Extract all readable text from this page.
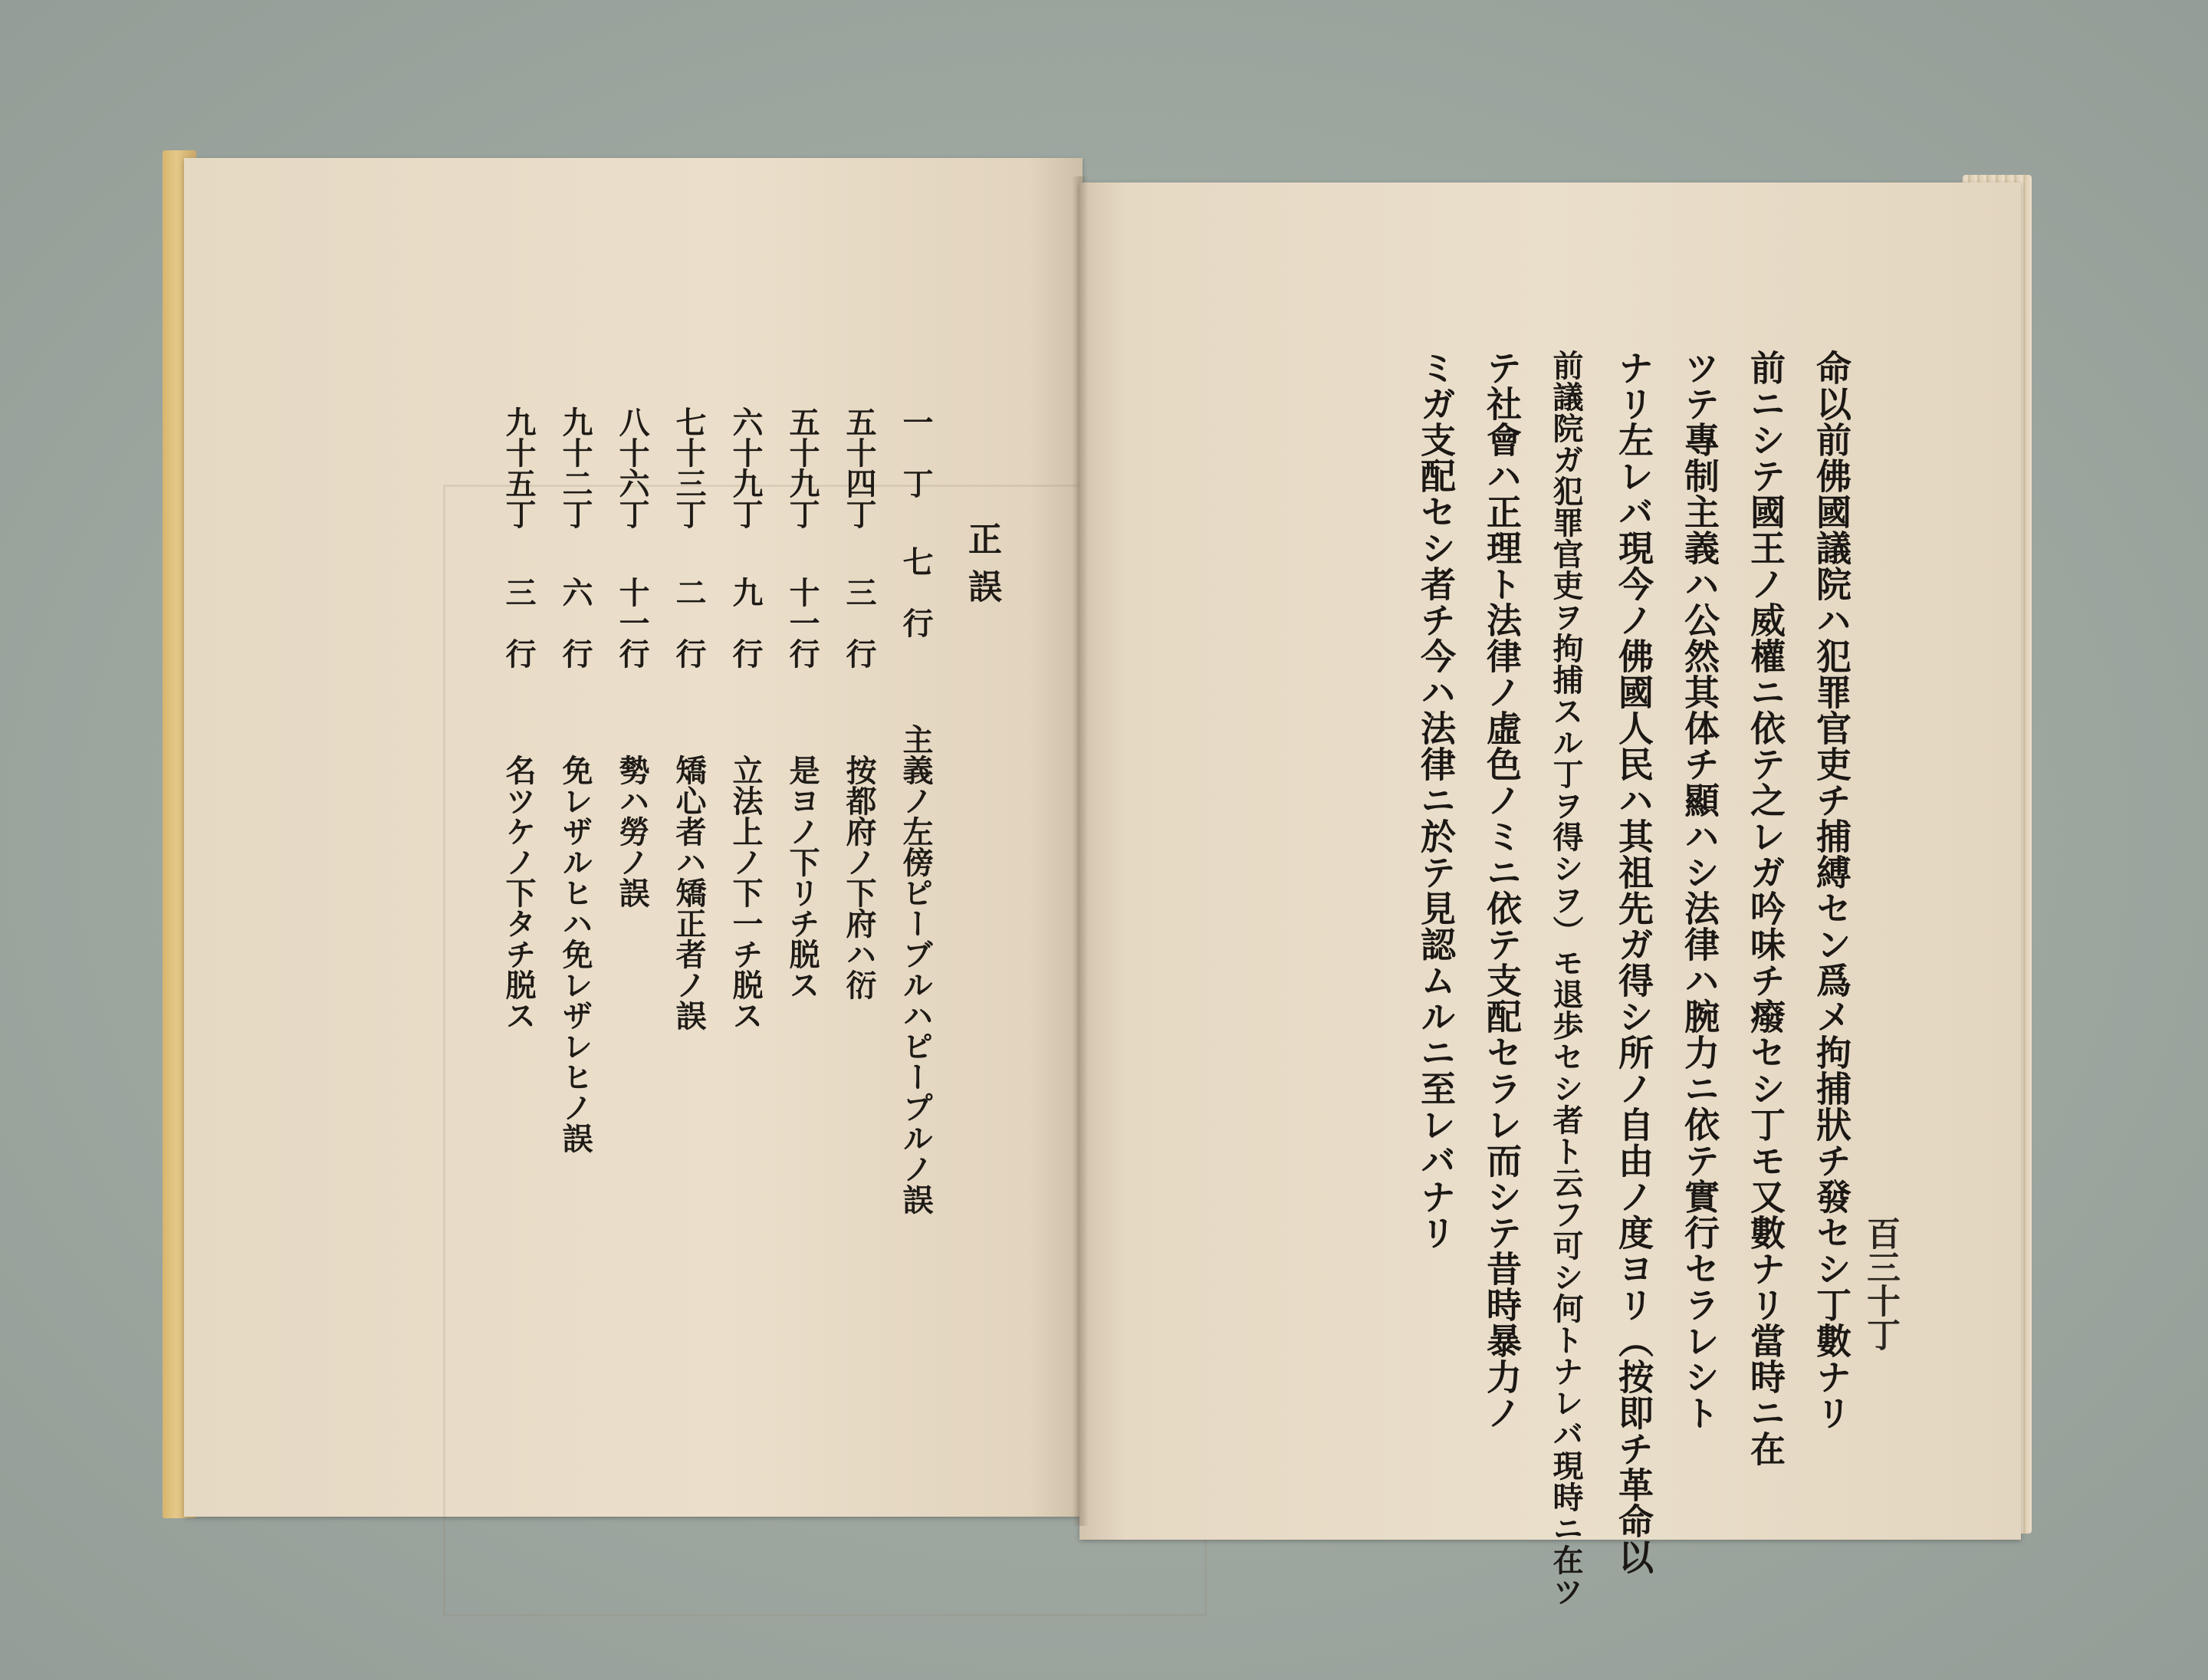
正誤
一　丁七　行主義ノ左傍ピーブルハピープルノ誤
五十四丁三　行按都府ノ下府ハ衍
五十九丁十一行是ヨノ下リチ脱ス
六十九丁九　行立法上ノ下一チ脱ス
七十三丁二　行矯心者ハ矯正者ノ誤
八十六丁十一行勢ハ勞ノ誤
九十二丁六　行免レザルヒハ免レザレヒノ誤
九十五丁三　行名ツケノ下タチ脱ス
　	命以前佛國議院ハ犯罪官吏チ捕縛セン爲メ拘捕狀チ發セシ丁數ナリ
前ニシテ國王ノ威權ニ依テ之レガ吟味チ癈セシ丁モ又數ナリ當時ニ在
ツテ專制主義ハ公然其体チ顯ハシ法律ハ腕力ニ依テ實行セラレシト
ナリ左レバ現今ノ佛國人民ハ其祖先ガ得シ所ノ自由ノ度ヨリ（按即チ革命以
前議院ガ犯罪官吏ヲ拘捕スル丁ヲ得シヲ）モ退歩セシ者ト云フ可シ何トナレバ現時ニ在ツ
テ社會ハ正理ト法律ノ虛色ノミニ依テ支配セラレ而シテ昔時暴力ノ
ミガ支配セシ者チ今ハ法律ニ於テ見認ムルニ至レバナリ
百三十丁
